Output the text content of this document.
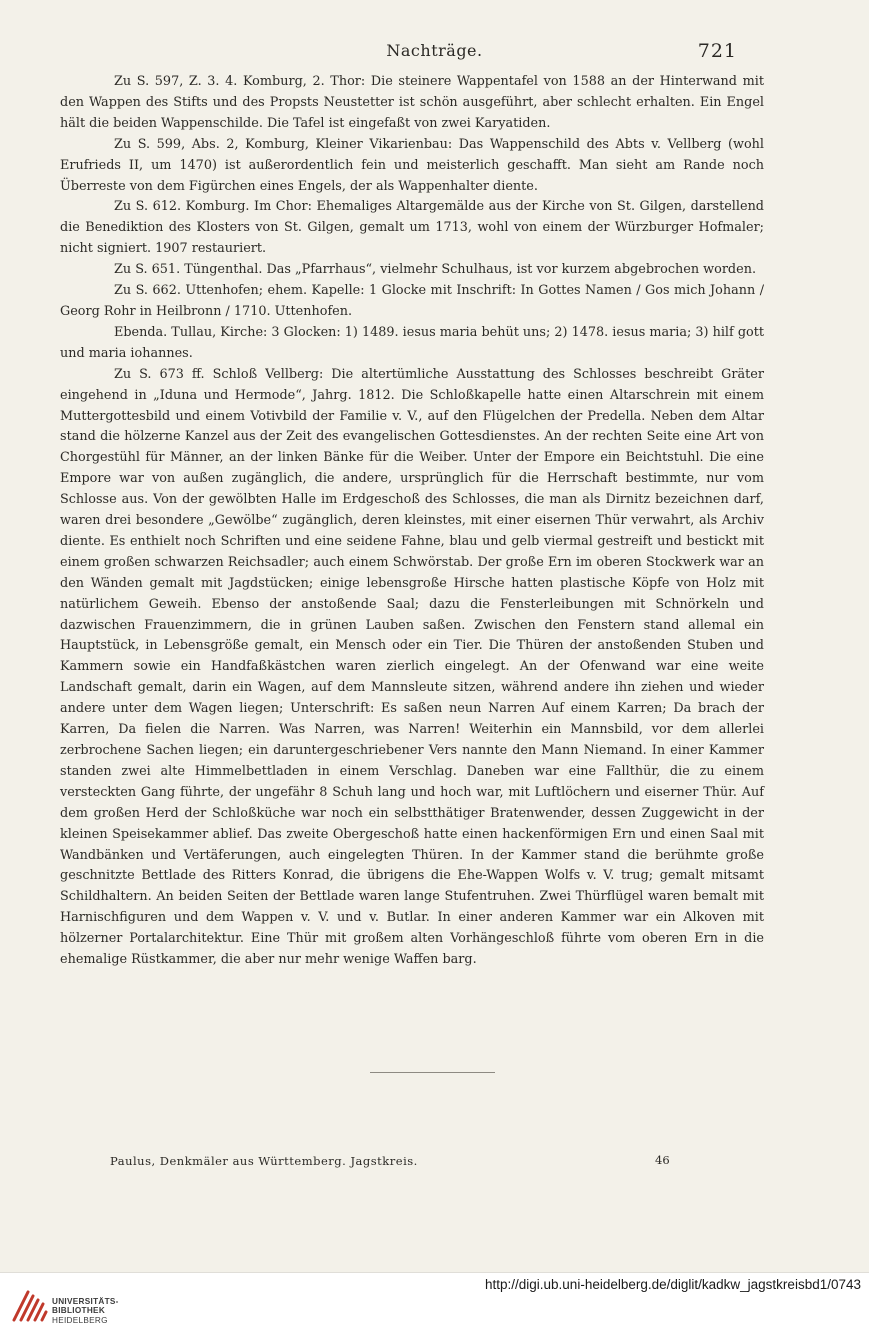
Nachträge.	721

Zu S. 597, Z. 3. 4. Komburg, 2. Thor: Die steinere Wappentafel von 1588 an der Hinterwand mit den Wappen des Stifts und des Propsts Neustetter ist schön ausgeführt, aber schlecht erhalten. Ein Engel hält die beiden Wappenschilde. Die Tafel ist eingefaßt von zwei Karyatiden.

Zu S. 599, Abs. 2, Komburg, Kleiner Vikarienbau: Das Wappenschild des Abts v. Vellberg (wohl Erufrieds II, um 1470) ist außerordentlich fein und meisterlich geschafft. Man sieht am Rande noch Überreste von dem Figürchen eines Engels, der als Wappenhalter diente.

Zu S. 612. Komburg. Im Chor: Ehemaliges Altargemälde aus der Kirche von St. Gilgen, darstellend die Benediktion des Klosters von St. Gilgen, gemalt um 1713, wohl von einem der Würzburger Hofmaler; nicht signiert. 1907 restauriert.

Zu S. 651. Tüngenthal. Das „Pfarrhaus“, vielmehr Schulhaus, ist vor kurzem abgebrochen worden.

Zu S. 662. Uttenhofen; ehem. Kapelle: 1 Glocke mit Inschrift: In Gottes Namen / Gos mich Johann / Georg Rohr in Heilbronn / 1710. Uttenhofen.

Ebenda. Tullau, Kirche: 3 Glocken: 1) 1489. iesus maria behüt uns; 2) 1478. iesus maria; 3) hilf gott und maria iohannes.

Zu S. 673 ff. Schloß Vellberg: Die altertümliche Ausstattung des Schlosses beschreibt Gräter eingehend in „Iduna und Hermode“, Jahrg. 1812. Die Schloßkapelle hatte einen Altarschrein mit einem Muttergottesbild und einem Votivbild der Familie v. V., auf den Flügelchen der Predella. Neben dem Altar stand die hölzerne Kanzel aus der Zeit des evangelischen Gottesdienstes. An der rechten Seite eine Art von Chorgestühl für Männer, an der linken Bänke für die Weiber. Unter der Empore ein Beichtstuhl. Die eine Empore war von außen zugänglich, die andere, ursprünglich für die Herrschaft bestimmte, nur vom Schlosse aus. Von der gewölbten Halle im Erdgeschoß des Schlosses, die man als Dirnitz bezeichnen darf, waren drei besondere „Gewölbe“ zugänglich, deren kleinstes, mit einer eisernen Thür verwahrt, als Archiv diente. Es enthielt noch Schriften und eine seidene Fahne, blau und gelb viermal gestreift und bestickt mit einem großen schwarzen Reichsadler; auch einem Schwörstab. Der große Ern im oberen Stockwerk war an den Wänden gemalt mit Jagdstücken; einige lebensgroße Hirsche hatten plastische Köpfe von Holz mit natürlichem Geweih. Ebenso der anstoßende Saal; dazu die Fensterleibungen mit Schnörkeln und dazwischen Frauenzimmern, die in grünen Lauben saßen. Zwischen den Fenstern stand allemal ein Hauptstück, in Lebensgröße gemalt, ein Mensch oder ein Tier. Die Thüren der anstoßenden Stuben und Kammern sowie ein Handfaßkästchen waren zierlich eingelegt. An der Ofenwand war eine weite Landschaft gemalt, darin ein Wagen, auf dem Mannsleute sitzen, während andere ihn ziehen und wieder andere unter dem Wagen liegen; Unterschrift: Es saßen neun Narren Auf einem Karren; Da brach der Karren, Da fielen die Narren. Was Narren, was Narren! Weiterhin ein Mannsbild, vor dem allerlei zerbrochene Sachen liegen; ein daruntergeschriebener Vers nannte den Mann Niemand. In einer Kammer standen zwei alte Himmelbettladen in einem Verschlag. Daneben war eine Fallthür, die zu einem versteckten Gang führte, der ungefähr 8 Schuh lang und hoch war, mit Luftlöchern und eiserner Thür. Auf dem großen Herd der Schloßküche war noch ein selbstthätiger Bratenwender, dessen Zuggewicht in der kleinen Speisekammer ablief. Das zweite Obergeschoß hatte einen hackenförmigen Ern und einen Saal mit Wandbänken und Vertäferungen, auch eingelegten Thüren. In der Kammer stand die berühmte große geschnitzte Bettlade des Ritters Konrad, die übrigens die Ehe-Wappen Wolfs v. V. trug; gemalt mitsamt Schildhaltern. An beiden Seiten der Bettlade waren lange Stufentruhen. Zwei Thürflügel waren bemalt mit Harnischfiguren und dem Wappen v. V. und v. Butlar. In einer anderen Kammer war ein Alkoven mit hölzerner Portalarchitektur. Eine Thür mit großem alten Vorhängeschloß führte vom oberen Ern in die ehemalige Rüstkammer, die aber nur mehr wenige Waffen barg.

Paulus, Denkmäler aus Württemberg. Jagstkreis.	46
UNIVERSITÄTS-
BIBLIOTHEK
HEIDELBERG
http://digi.ub.uni-heidelberg.de/diglit/kadkw_jagstkreisbd1/0743
